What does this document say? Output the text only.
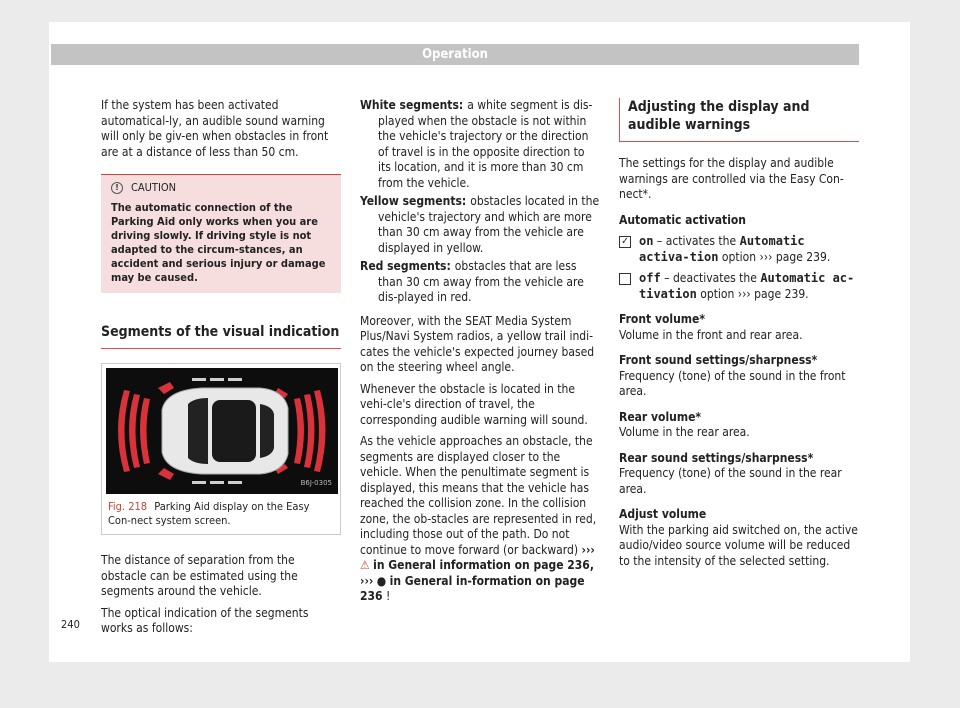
Operation

If the system has been activated automatical-ly, an audible sound warning will only be giv-en when obstacles in front are at a distance of less than 50 cm.

!	CAUTION
The automatic connection of the Parking Aid only works when you are driving slowly. If driving style is not adapted to the circum-stances, an accident and serious injury or damage may be caused.
Segments of the visual indication
B6J-0305
Fig. 218 Parking Aid display on the Easy Con-nect system screen.

The distance of separation from the obstacle can be estimated using the segments around the vehicle.

The optical indication of the segments works as follows:

White segments: a white segment is dis-played when the obstacle is not within the vehicle's trajectory or the direction of travel is in the opposite direction to its location, and it is more than 30 cm from the vehicle.
Yellow segments: obstacles located in the vehicle's trajectory and which are more than 30 cm away from the vehicle are displayed in yellow.
Red segments: obstacles that are less than 30 cm away from the vehicle are dis-played in red.

Moreover, with the SEAT Media System Plus/Navi System radios, a yellow trail indi-cates the vehicle's expected journey based on the steering wheel angle.

Whenever the obstacle is located in the vehi-cle's direction of travel, the corresponding audible warning will sound.

As the vehicle approaches an obstacle, the segments are displayed closer to the vehicle. When the penultimate segment is displayed, this means that the vehicle has reached the collision zone. In the collision zone, the ob-stacles are represented in red, including those out of the path. Do not continue to move forward (or backward) ››› ⚠ in General information on page 236, ››› ● in General in-formation on page 236 !

Adjusting the display and audible warnings

The settings for the display and audible warnings are controlled via the Easy Con-nect*.

Automatic activation
✓ on – activates the Automatic activa-tion option ››› page 239.
off – deactivates the Automatic ac-tivation option ››› page 239.
Front volume*

Volume in the front and rear area.

Front sound settings/sharpness*

Frequency (tone) of the sound in the front area.

Rear volume*

Volume in the rear area.

Rear sound settings/sharpness*

Frequency (tone) of the sound in the rear area.

Adjust volume

With the parking aid switched on, the active audio/video source volume will be reduced to the intensity of the selected setting.

240
